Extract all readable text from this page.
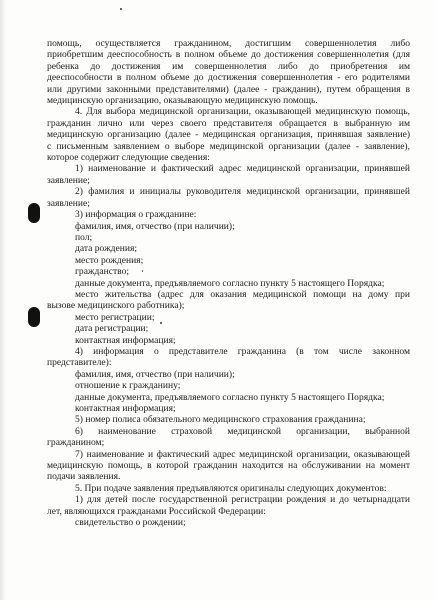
помощь, осуществляется гражданином, достигшим совершеннолетия либо
приобретшим дееспособность в полном объеме до достижения совершеннолетия (для
ребенка до достижения им совершеннолетия либо до приобретения им
дееспособности в полном объеме до достижения совершеннолетия - его родителями
или другими законными представителями) (далее - гражданин), путем обращения в
медицинскую организацию, оказывающую медицинскую помощь.
4. Для выбора медицинской организации, оказывающей медицинскую помощь,
гражданин лично или через своего представителя обращается в выбранную им
медицинскую организацию (далее - медицинская организация, принявшая заявление)
с письменным заявлением о выборе медицинской организации (далее - заявление),
которое содержит следующие сведения:
1) наименование и фактический адрес медицинской организации, принявшей
заявление;
2) фамилия и инициалы руководителя медицинской организации, принявшей
заявление;
3) информация о гражданине:
фамилия, имя, отчество (при наличии);
пол;
дата рождения;
место рождения;
гражданство;
данные документа, предъявляемого согласно пункту 5 настоящего Порядка;
место жительства (адрес для оказания медицинской помощи на дому при
вызове медицинского работника);
место регистрации;
дата регистрации;
контактная информация;
4) информация о представителе гражданина (в том числе законном
представителе):
фамилия, имя, отчество (при наличии);
отношение к гражданину;
данные документа, предъявляемого согласно пункту 5 настоящего Порядка;
контактная информация;
5) номер полиса обязательного медицинского страхования гражданина;
6) наименование страховой медицинской организации, выбранной
гражданином;
7) наименование и фактический адрес медицинской организации, оказывающей
медицинскую помощь, в которой гражданин находится на обслуживании на момент
подачи заявления.
5. При подаче заявления предъявляются оригиналы следующих документов:
1) для детей после государственной регистрации рождения и до четырнадцати
лет, являющихся гражданами Российской Федерации:
свидетельство о рождении;
